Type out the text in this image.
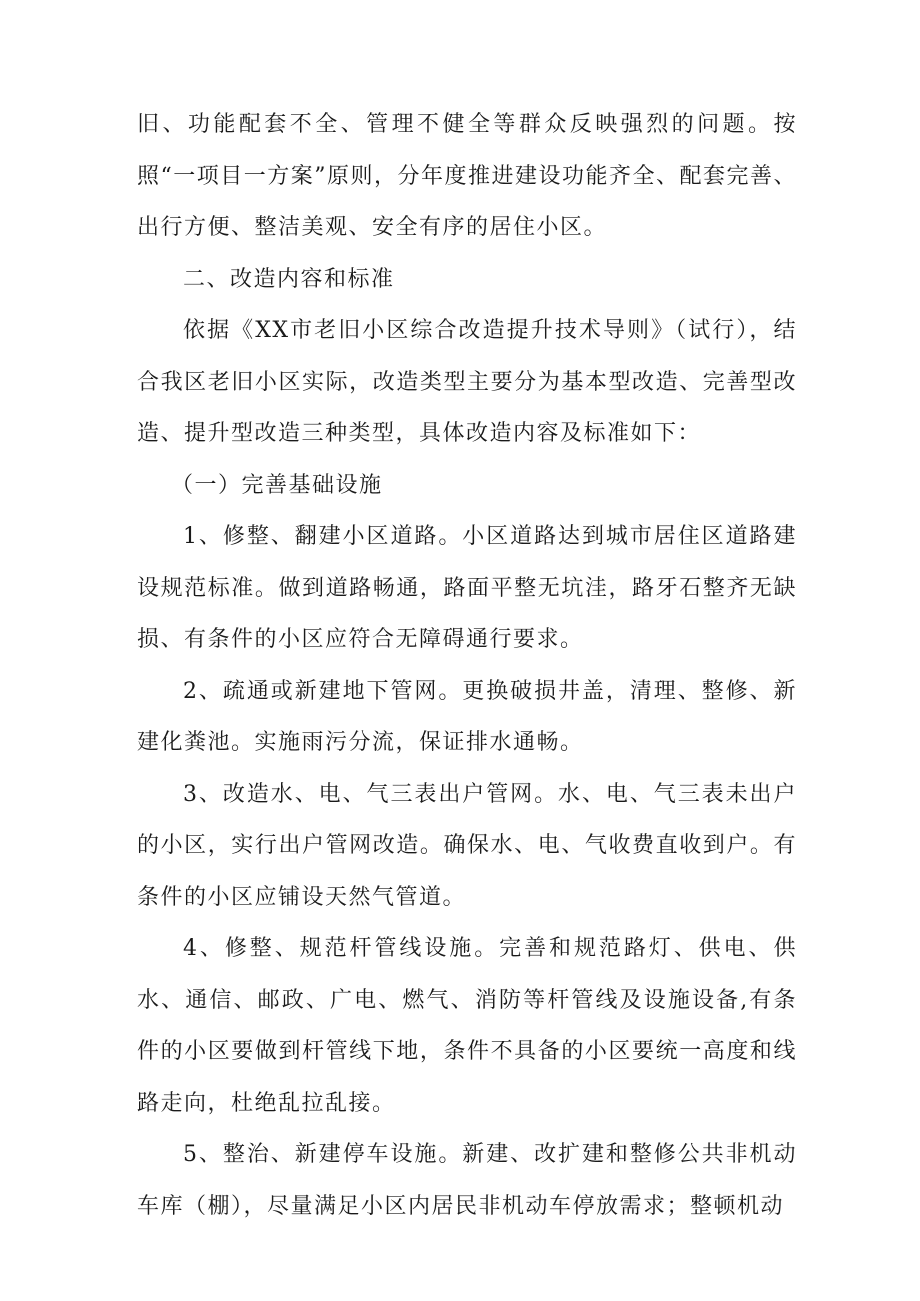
旧、功能配套不全、管理不健全等群众反映强烈的问题。按照“一项目一方案”原则，分年度推进建设功能齐全、配套完善、出行方便、整洁美观、安全有序的居住小区。

二、改造内容和标准

依据《XX市老旧小区综合改造提升技术导则》（试行），结合我区老旧小区实际，改造类型主要分为基本型改造、完善型改造、提升型改造三种类型，具体改造内容及标准如下：

（一）完善基础设施

1、修整、翻建小区道路。小区道路达到城市居住区道路建设规范标准。做到道路畅通，路面平整无坑洼，路牙石整齐无缺损、有条件的小区应符合无障碍通行要求。

2、疏通或新建地下管网。更换破损井盖，清理、整修、新建化粪池。实施雨污分流，保证排水通畅。

3、改造水、电、气三表出户管网。水、电、气三表未出户的小区，实行出户管网改造。确保水、电、气收费直收到户。有条件的小区应铺设天然气管道。

4、修整、规范杆管线设施。完善和规范路灯、供电、供水、通信、邮政、广电、燃气、消防等杆管线及设施设备,有条件的小区要做到杆管线下地，条件不具备的小区要统一高度和线路走向，杜绝乱拉乱接。

5、整治、新建停车设施。新建、改扩建和整修公共非机动车库（棚），尽量满足小区内居民非机动车停放需求；整顿机动
